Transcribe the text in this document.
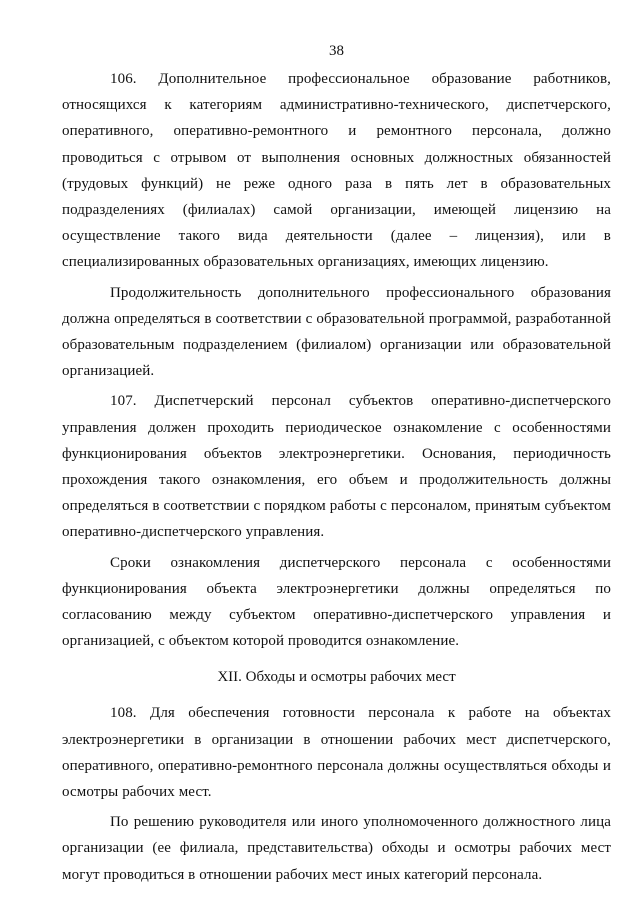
38

106. Дополнительное профессиональное образование работников, относящихся к категориям административно-технического, диспетчерского, оперативного, оперативно-ремонтного и ремонтного персонала, должно проводиться с отрывом от выполнения основных должностных обязанностей (трудовых функций) не реже одного раза в пять лет в образовательных подразделениях (филиалах) самой организации, имеющей лицензию на осуществление такого вида деятельности (далее – лицензия), или в специализированных образовательных организациях, имеющих лицензию.

Продолжительность дополнительного профессионального образования должна определяться в соответствии с образовательной программой, разработанной образовательным подразделением (филиалом) организации или образовательной организацией.

107. Диспетчерский персонал субъектов оперативно-диспетчерского управления должен проходить периодическое ознакомление с особенностями функционирования объектов электроэнергетики. Основания, периодичность прохождения такого ознакомления, его объем и продолжительность должны определяться в соответствии с порядком работы с персоналом, принятым субъектом оперативно-диспетчерского управления.

Сроки ознакомления диспетчерского персонала с особенностями функционирования объекта электроэнергетики должны определяться по согласованию между субъектом оперативно-диспетчерского управления и организацией, с объектом которой проводится ознакомление.

XII. Обходы и осмотры рабочих мест

108. Для обеспечения готовности персонала к работе на объектах электроэнергетики в организации в отношении рабочих мест диспетчерского, оперативного, оперативно-ремонтного персонала должны осуществляться обходы и осмотры рабочих мест.

По решению руководителя или иного уполномоченного должностного лица организации (ее филиала, представительства) обходы и осмотры рабочих мест могут проводиться в отношении рабочих мест иных категорий персонала.
